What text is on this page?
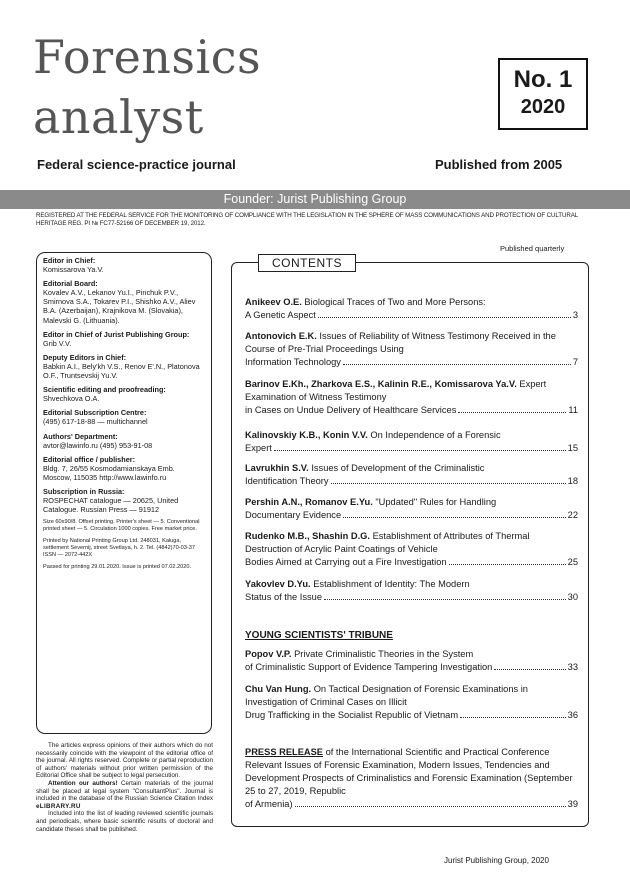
Forensics
analyst
Federal science-practice journal
No. 1
2020
Published from 2005
Founder: Jurist Publishing Group
REGISTERED AT THE FEDERAL SERVICE FOR THE MONITORING OF COMPLIANCE WITH THE LEGISLATION IN THE SPHERE OF MASS COMMUNICATIONS AND PROTECTION OF CULTURAL HERITAGE REG. PI № FC77-52166 OF DECEMBER 19, 2012.
Published quarterly
Editor in Chief:
Komissarova Ya.V.
Editorial Board:
Kovalev A.V., Lekanov Yu.I., Pinchuk P.V., Smirnova S.A., Tokarev P.I., Shishko A.V., Aliev B.A. (Azerbaijan), Krajnikova M. (Slovakia), Malevski G. (Lithuania).
Editor in Chief of Jurist Publishing Group:
Grib V.V.
Deputy Editors in Chief:
Babkin A.I., Bely'kh V.S., Renov E'.N., Platonova O.F., Truntsevskij Yu.V.
Scientific editing and proofreading:
Shvechkova O.A.
Editorial Subscription Centre:
(495) 617-18-88 — multichannel
Authors' Department:
avtor@lawinfo.ru (495) 953-91-08
Editorial office / publisher:
Bldg. 7, 26/55 Kosmodamianskaya Emb. Moscow, 115035 http://www.lawinfo.ru
Subscription in Russia:
ROSPECHAT catalogue — 20625, United Catalogue. Russian Press — 91912
Size 60х90/8. Offset printing. Printer's sheet — 5. Conventional printed sheet — 5. Circulation 1000 copies. Free market price.
Printed by National Printing Group Ltd. 248031, Kaluga, settlement Severnij, street Svetlaya, h. 2. Tel. (4842)70-03-37 ISSN — 2072-442X
Passed for printing 29.01.2020. Issue is printed 07.02.2020.

The articles express opinions of their authors which do not necessarily coincide with the viewpoint of the editorial office of the journal. All rights reserved. Complete or partial reproduction of authors' materials without prior written permission of the Editorial Office shall be subject to legal persecution.

Attention our authors! Certain materials of the journal shall be placed at legal system "ConsultantPlus". Journal is included in the database of the Russian Science Citation Index eLIBRARY.RU

Included into the list of leading reviewed scientific journals and periodicals, where basic scientific results of doctoral and candidate theses shall be published.

CONTENTS
Anikeev O.E. Biological Traces of Two and More Persons:
A Genetic Aspect	3
Antonovich E.K. Issues of Reliability of Witness Testimony Received in the Course of Pre-Trial Proceedings Using
Information Technology	7
Barinov E.Kh., Zharkova E.S., Kalinin R.E., Komissarova Ya.V. Expert Examination of Witness Testimony
in Cases on Undue Delivery of Healthcare Services	11
Kalinovskiy K.B., Konin V.V. On Independence of a Forensic
Expert	15
Lavrukhin S.V. Issues of Development of the Criminalistic
Identification Theory	18
Pershin A.N., Romanov E.Yu. "Updated" Rules for Handling
Documentary Evidence	22
Rudenko M.B., Shashin D.G. Establishment of Attributes of Thermal Destruction of Acrylic Paint Coatings of Vehicle
Bodies Aimed at Carrying out a Fire Investigation	25
Yakovlev D.Yu. Establishment of Identity: The Modern
Status of the Issue	30
YOUNG SCIENTISTS' TRIBUNE
Popov V.P. Private Criminalistic Theories in the System
of Criminalistic Support of Evidence Tampering Investigation	33
Chu Van Hung. On Tactical Designation of Forensic Examinations in Investigation of Criminal Cases on Illicit
Drug Trafficking in the Socialist Republic of Vietnam	36
PRESS RELEASE of the International Scientific and Practical Conference Relevant Issues of Forensic Examination, Modern Issues, Tendencies and Development Prospects of Criminalistics and Forensic Examination (September 25 to 27, 2019, Republic
of Armenia)	39
Jurist Publishing Group, 2020
